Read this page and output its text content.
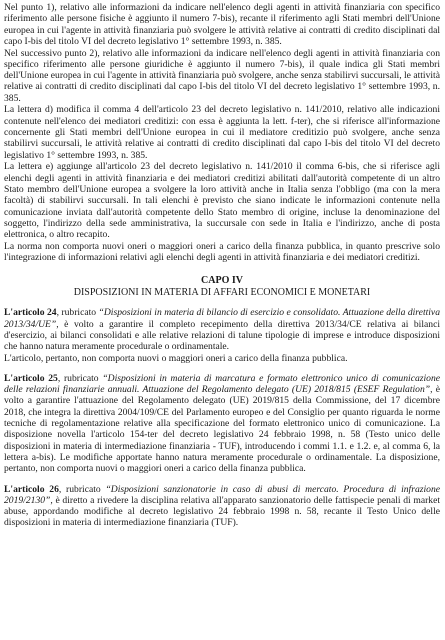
Nel punto 1), relativo alle informazioni da indicare nell'elenco degli agenti in attività finanziaria con specifico riferimento alle persone fisiche è aggiunto il numero 7-bis), recante il riferimento agli Stati membri dell'Unione europea in cui l'agente in attività finanziaria può svolgere le attività relative ai contratti di credito disciplinati dal capo I-bis del titolo VI del decreto legislativo 1° settembre 1993, n. 385.

Nel successivo punto 2), relativo alle informazioni da indicare nell'elenco degli agenti in attività finanziaria con specifico riferimento alle persone giuridiche è aggiunto il numero 7-bis), il quale indica gli Stati membri dell'Unione europea in cui l'agente in attività finanziaria può svolgere, anche senza stabilirvi succursali, le attività relative ai contratti di credito disciplinati dal capo I-bis del titolo VI del decreto legislativo 1° settembre 1993, n. 385.

La lettera d) modifica il comma 4 dell'articolo 23 del decreto legislativo n. 141/2010, relativo alle indicazioni contenute nell'elenco dei mediatori creditizi: con essa è aggiunta la lett. f-ter), che si riferisce all'informazione concernente gli Stati membri dell'Unione europea in cui il mediatore creditizio può svolgere, anche senza stabilirvi succursali, le attività relative ai contratti di credito disciplinati dal capo I-bis del titolo VI del decreto legislativo 1° settembre 1993, n. 385.

La lettera e) aggiunge all'articolo 23 del decreto legislativo n. 141/2010 il comma 6-bis, che si riferisce agli elenchi degli agenti in attività finanziaria e dei mediatori creditizi abilitati dall'autorità competente di un altro Stato membro dell'Unione europea a svolgere la loro attività anche in Italia senza l'obbligo (ma con la mera facoltà) di stabilirvi succursali. In tali elenchi è previsto che siano indicate le informazioni contenute nella comunicazione inviata dall'autorità competente dello Stato membro di origine, incluse la denominazione del soggetto, l'indirizzo della sede amministrativa, la succursale con sede in Italia e l'indirizzo, anche di posta elettronica, o altro recapito.

La norma non comporta nuovi oneri o maggiori oneri a carico della finanza pubblica, in quanto prescrive solo l'integrazione di informazioni relativi agli elenchi degli agenti in attività finanziaria e dei mediatori creditizi.

CAPO IV
DISPOSIZIONI IN MATERIA DI AFFARI ECONOMICI E MONETARI

L'articolo 24, rubricato “Disposizioni in materia di bilancio di esercizio e consolidato. Attuazione della direttiva 2013/34/UE”, è volto a garantire il completo recepimento della direttiva 2013/34/CE relativa ai bilanci d'esercizio, ai bilanci consolidati e alle relative relazioni di talune tipologie di imprese e introduce disposizioni che hanno natura meramente procedurale o ordinamentale.
L'articolo, pertanto, non comporta nuovi o maggiori oneri a carico della finanza pubblica.

L'articolo 25, rubricato “Disposizioni in materia di marcatura e formato elettronico unico di comunicazione delle relazioni finanziarie annuali. Attuazione del Regolamento delegato (UE) 2018/815 (ESEF Regulation”, è volto a garantire l'attuazione del Regolamento delegato (UE) 2019/815 della Commissione, del 17 dicembre 2018, che integra la direttiva 2004/109/CE del Parlamento europeo e del Consiglio per quanto riguarda le norme tecniche di regolamentazione relative alla specificazione del formato elettronico unico di comunicazione. La disposizione novella l'articolo 154-ter del decreto legislativo 24 febbraio 1998, n. 58 (Testo unico delle disposizioni in materia di intermediazione finanziaria - TUF), introducendo i commi 1.1. e 1.2. e, al comma 6, la lettera a-bis). Le modifiche apportate hanno natura meramente procedurale o ordinamentale. La disposizione, pertanto, non comporta nuovi o maggiori oneri a carico della finanza pubblica.

L'articolo 26, rubricato “Disposizioni sanzionatorie in caso di abusi di mercato. Procedura di infrazione 2019/2130”, è diretto a rivedere la disciplina relativa all'apparato sanzionatorio delle fattispecie penali di market abuse, appordando modifiche al decreto legislativo 24 febbraio 1998 n. 58, recante il Testo Unico delle disposizioni in materia di intermediazione finanziaria (TUF).
